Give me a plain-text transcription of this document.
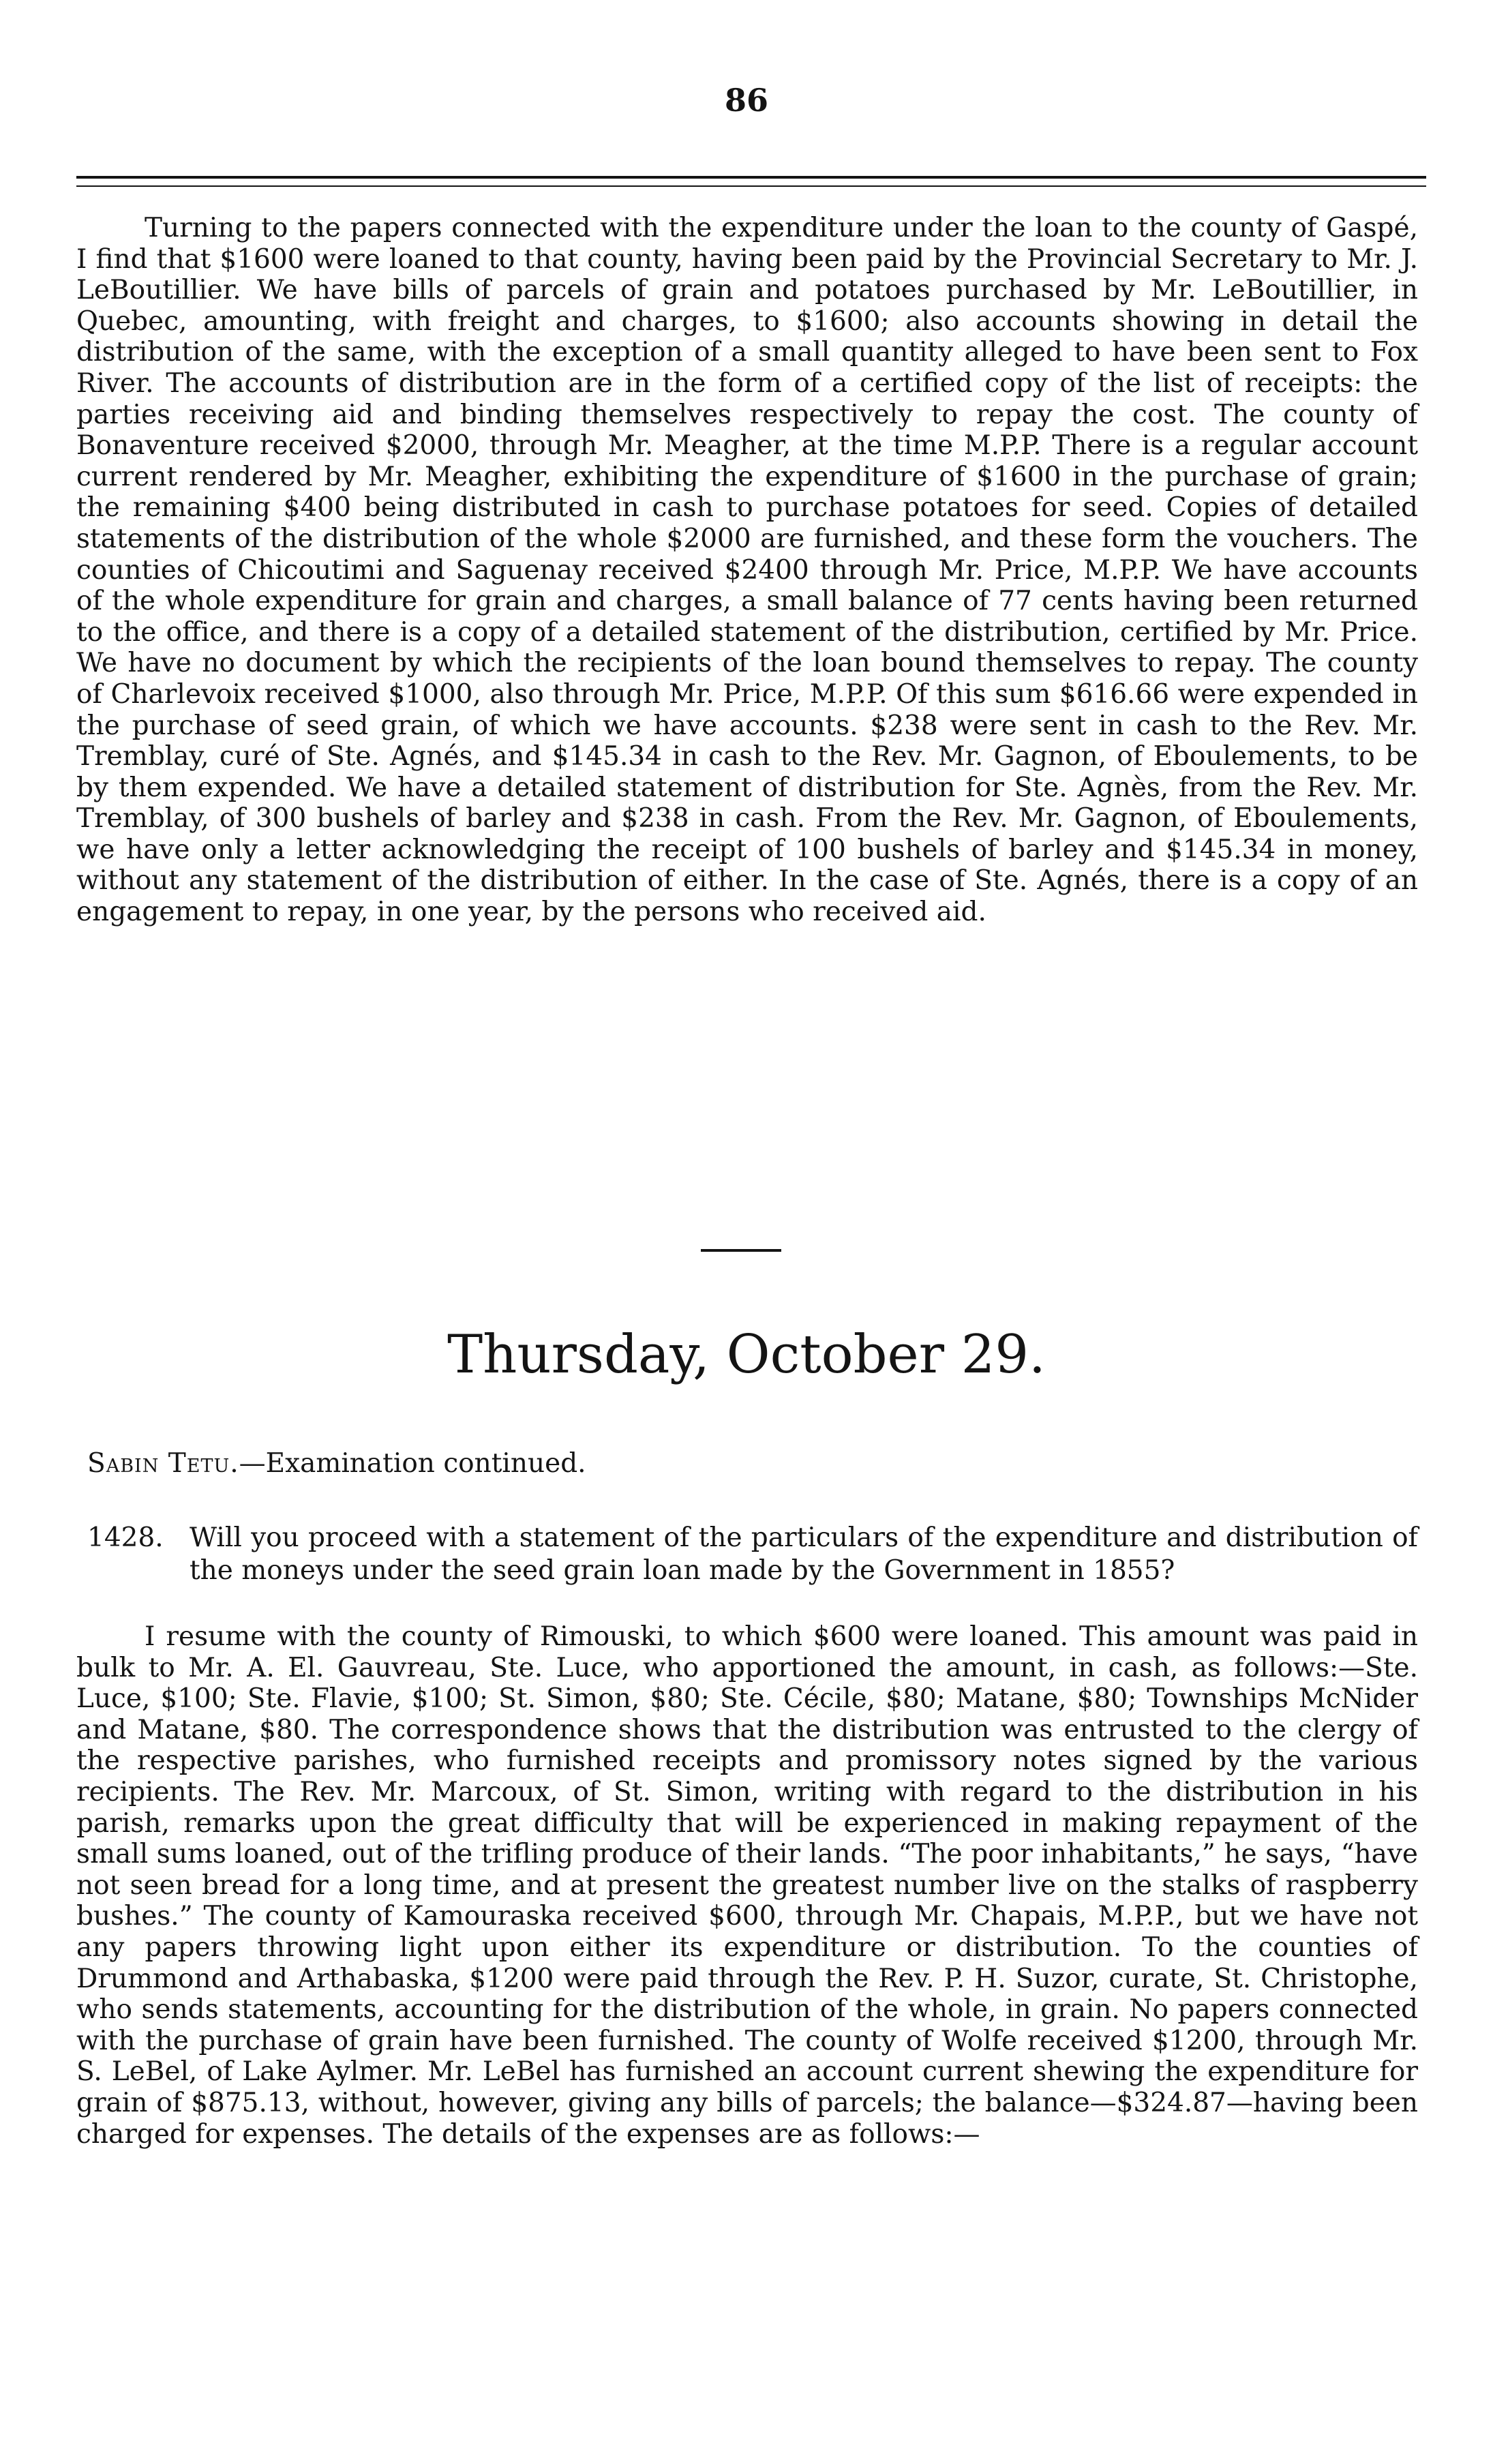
86

Turning to the papers connected with the expenditure under the loan to the county of Gaspé, I find that $1600 were loaned to that county, having been paid by the Provincial Secretary to Mr. J. LeBoutillier. We have bills of parcels of grain and potatoes purchased by Mr. LeBoutillier, in Quebec, amounting, with freight and charges, to $1600; also accounts showing in detail the distribution of the same, with the exception of a small quantity alleged to have been sent to Fox River. The accounts of distribution are in the form of a certified copy of the list of receipts: the parties receiving aid and binding themselves respectively to repay the cost. The county of Bonaventure received $2000, through Mr. Meagher, at the time M.P.P. There is a regular account current rendered by Mr. Meagher, exhibiting the expenditure of $1600 in the purchase of grain; the remaining $400 being distributed in cash to purchase potatoes for seed. Copies of detailed statements of the distribution of the whole $2000 are furnished, and these form the vouchers. The counties of Chicoutimi and Saguenay received $2400 through Mr. Price, M.P.P. We have accounts of the whole expenditure for grain and charges, a small balance of 77 cents having been returned to the office, and there is a copy of a detailed statement of the distribution, certified by Mr. Price. We have no document by which the recipients of the loan bound themselves to repay. The county of Charlevoix received $1000, also through Mr. Price, M.P.P. Of this sum $616.66 were expended in the purchase of seed grain, of which we have accounts. $238 were sent in cash to the Rev. Mr. Tremblay, curé of Ste. Agnés, and $145.34 in cash to the Rev. Mr. Gagnon, of Eboulements, to be by them expended. We have a detailed statement of distribution for Ste. Agnès, from the Rev. Mr. Tremblay, of 300 bushels of barley and $238 in cash. From the Rev. Mr. Gagnon, of Eboulements, we have only a letter acknowledging the receipt of 100 bushels of barley and $145.34 in money, without any statement of the distribution of either. In the case of Ste. Agnés, there is a copy of an engagement to repay, in one year, by the persons who received aid.

Thursday, October 29.

Sabin Tetu.—Examination continued.

1428. Will you proceed with a statement of the particulars of the expenditure and distribution of the moneys under the seed grain loan made by the Government in 1855?

I resume with the county of Rimouski, to which $600 were loaned. This amount was paid in bulk to Mr. A. El. Gauvreau, Ste. Luce, who apportioned the amount, in cash, as follows:—Ste. Luce, $100; Ste. Flavie, $100; St. Simon, $80; Ste. Cécile, $80; Matane, $80; Townships McNider and Matane, $80. The correspondence shows that the distribution was entrusted to the clergy of the respective parishes, who furnished receipts and promissory notes signed by the various recipients. The Rev. Mr. Marcoux, of St. Simon, writing with regard to the distribution in his parish, remarks upon the great difficulty that will be experienced in making repayment of the small sums loaned, out of the trifling produce of their lands. “The poor inhabitants,” he says, “have not seen bread for a long time, and at present the greatest number live on the stalks of raspberry bushes.” The county of Kamouraska received $600, through Mr. Chapais, M.P.P., but we have not any papers throwing light upon either its expenditure or distribution. To the counties of Drummond and Arthabaska, $1200 were paid through the Rev. P. H. Suzor, curate, St. Christophe, who sends statements, accounting for the distribution of the whole, in grain. No papers connected with the purchase of grain have been furnished. The county of Wolfe received $1200, through Mr. S. LeBel, of Lake Aylmer. Mr. LeBel has furnished an account current shewing the expenditure for grain of $875.13, without, however, giving any bills of parcels; the balance—$324.87—having been charged for expenses. The details of the expenses are as follows:—
